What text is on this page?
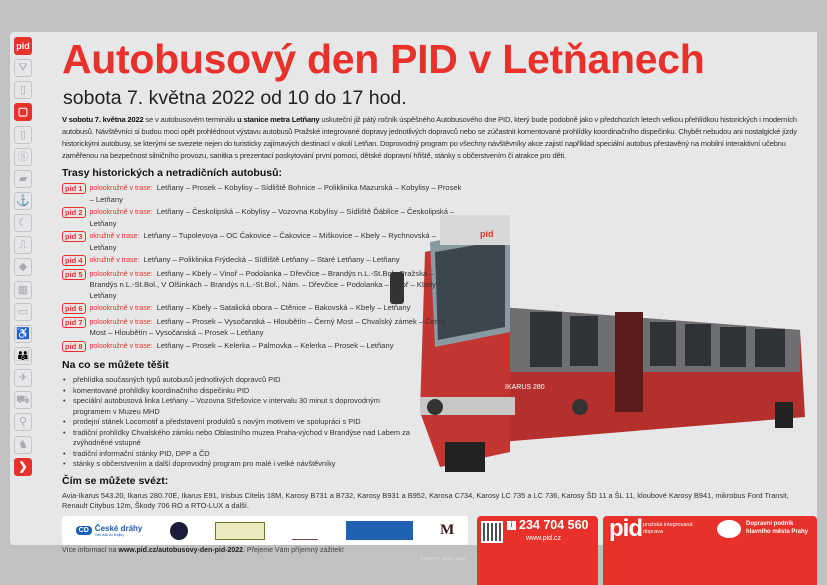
pid
⛛
▯
▢
▯
Ⓢ
▰
⚓
☾
⎍
◆
▦
▭
♿
👪
✈
⛟
⚲
♞
❯
Autobusový den PID v Letňanech
sobota 7. května 2022 od 10 do 17 hod.
pid
IKARUS 280
V sobotu 7. května 2022 se v autobusovém terminálu u stanice metra Letňany uskuteční již pátý ročník úspěšného Autobusového dne PID, který bude podobně jako v předchozích letech velkou přehlídkou historických i moderních autobusů. Návštěvníci si budou moci opět prohlédnout výstavu autobusů Pražské integrované dopravy jednotlivých dopravců nebo se zúčastnit komentované prohlídky koordinačního dispečinku. Chybět nebudou ani nostalgické jízdy historickými autobusy, se kterými se svezete nejen do turisticky zajímavých destinací v okolí Letňan. Doprovodný program po všechny návštěvníky akce zajistí například speciální autobus přestavěný na mobilní interaktivní učebnu zaměřenou na bezpečnost silničního provozu, sanitka s prezentací poskytování první pomoci, dětské dopravní hřiště, stánky s občerstvením či atrakce pro děti.
Trasy historických a netradičních autobusů:
pid 1	polookružně v trase: Letňany – Prosek – Kobylisy – Sídliště Bohnice – Poliklinika Mazurská – Kobylisy – Prosek – Letňany
pid 2	polookružně v trase: Letňany – Českolipská – Kobylisy – Vozovna Kobylisy – Sídliště Ďáblice – Českolipská – Letňany
pid 3	okružně v trase: Letňany – Tupolevova – OC Čakovice – Čakovice – Miškovice – Kbely – Rychnovská – Letňany
pid 4	okružně v trase: Letňany – Poliklinika Frýdecká – Sídliště Letňany – Staré Letňany – Letňany
pid 5	polookružně v trase: Letňany – Kbely – Vinoř – Podolanka – Dřevčice – Brandýs n.L.-St.Bol., Pražská – Brandýs n.L.-St.Bol., V Olšinkách – Brandýs n.L.-St.Bol., Nám. – Dřevčice – Podolanka – Vinoř – Kbely – Letňany
pid 6	polookružně v trase: Letňany – Kbely – Satalická obora – Ctěnice – Bakovská – Kbely – Letňany
pid 7	polookružně v trase: Letňany – Prosek – Vysočanská – Hloubětín – Černý Most – Chvalský zámek – Černý Most – Hloubětín – Vysočanská – Prosek – Letňany
pid 8	polookružně v trase: Letňany – Prosek – Kelerka – Palmovka – Kelerka – Prosek – Letňany
Na co se můžete těšit
• přehlídka současných typů autobusů jednotlivých dopravců PID
• komentované prohlídky koordinačního dispečinku PID
• speciální autobusová linka Letňany – Vozovna Střešovice v intervalu 30 minut s doprovodným programem v Muzeu MHD
• prodejní stánek Locomotif a představení produktů s novým motivem ve spolupráci s PID
• tradiční prohlídky Chvalského zámku nebo Oblastního muzea Praha-východ v Brandýse nad Labem za zvýhodněné vstupné
• tradiční informační stánky PID, DPP a ČD
• stánky s občerstvením a další doprovodný program pro malé i velké návštěvníky
Čím se můžete svézt:
Avia-Ikarus 543.20, Ikarus 280.70E, Ikarus E91, Irisbus Citelis 18M, Karosy B731 a B732, Karosy B931 a B952, Karosa C734, Karosy LC 735 a LC 736, Karosy ŠD 11 a ŠL 11, kloubové Karosy B941, mikrobus Ford Transit, Renault Citybus 12m, Škody 706 RO a RTO-LUX a další.
ČD České dráhy
Váš vlak do krajiny	M
Více informací na www.pid.cz/autobusovy-den-pid-2022. Přejeme Vám příjemný zážitek!
© ROPID, duben 2022
i 234 704 560
www.pid.cz pid pražská integrovaná
doprava
Dopravní podnik
hlavního města Prahy
